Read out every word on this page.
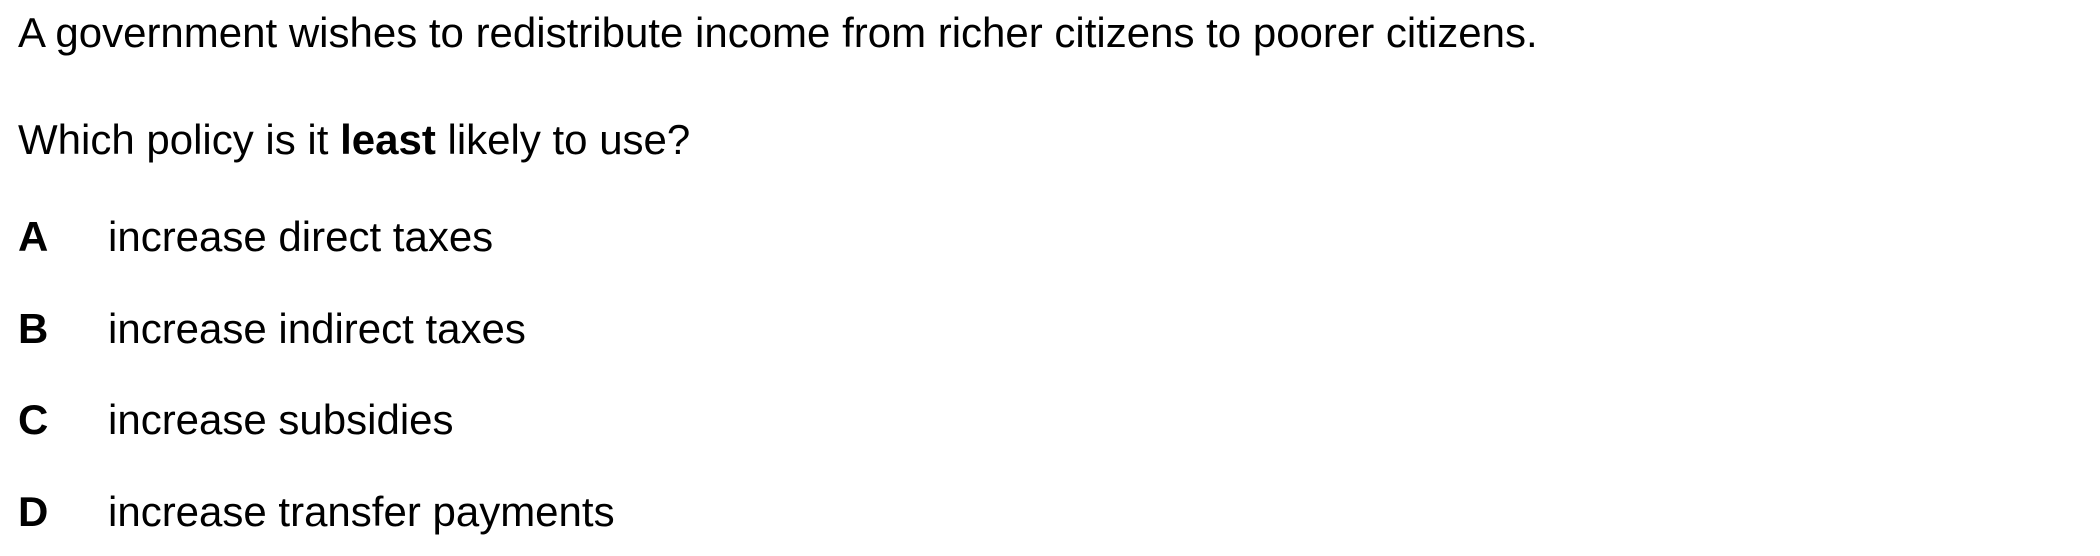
A government wishes to redistribute income from richer citizens to poorer citizens.
Which policy is it least likely to use?
A increase direct taxes
B increase indirect taxes
C increase subsidies
D increase transfer payments
